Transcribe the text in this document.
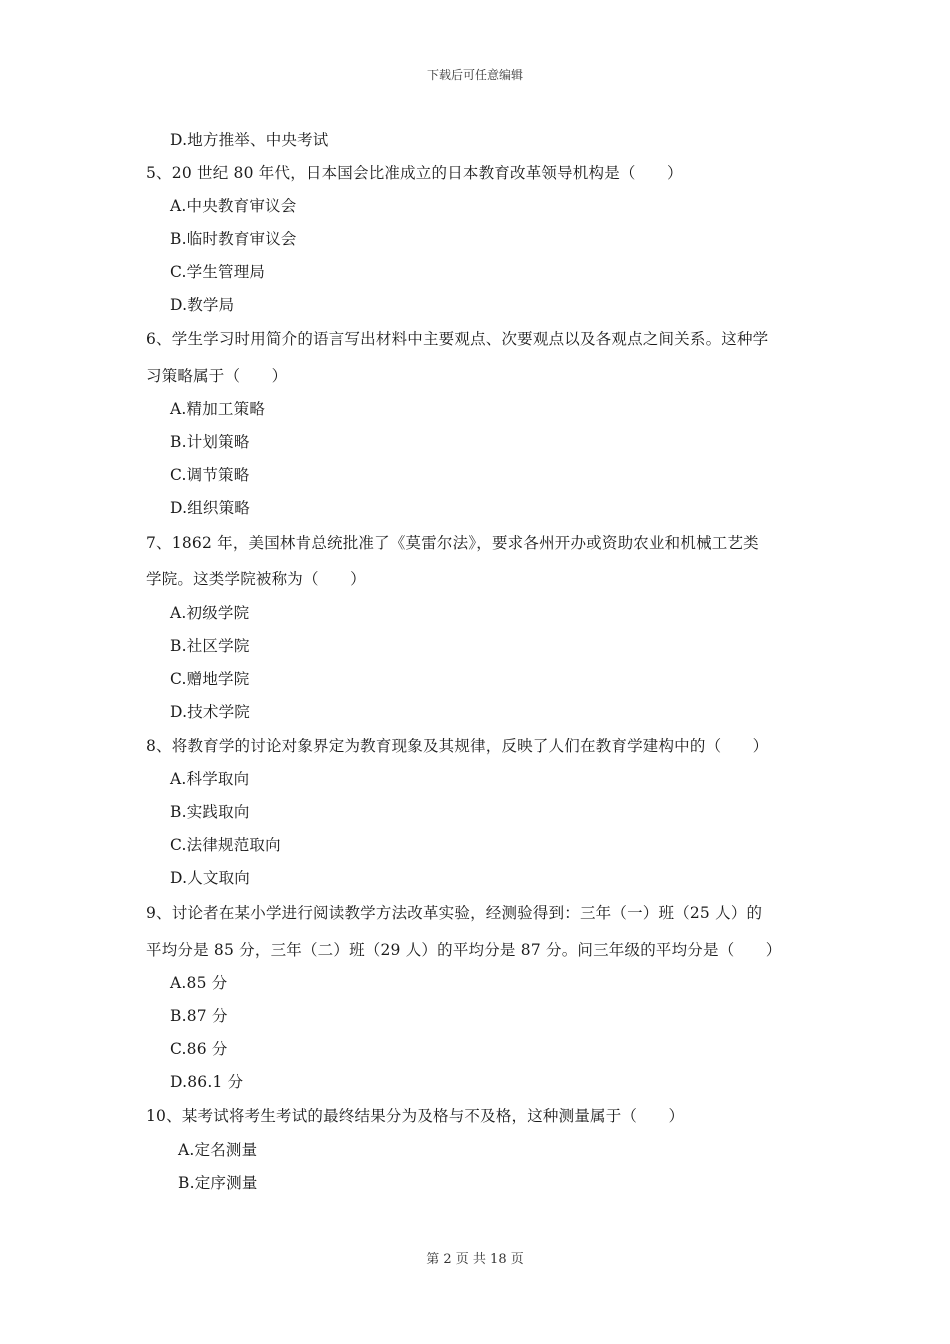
下载后可任意编辑
D.地方推举、中央考试
5、20 世纪 80 年代，日本国会比准成立的日本教育改革领导机构是（　　）
A.中央教育审议会
B.临时教育审议会
C.学生管理局
D.教学局
6、学生学习时用简介的语言写出材料中主要观点、次要观点以及各观点之间关系。这种学
习策略属于（　　）
A.精加工策略
B.计划策略
C.调节策略
D.组织策略
7、1862 年，美国林肯总统批准了《莫雷尔法》，要求各州开办或资助农业和机械工艺类
学院。这类学院被称为（　　）
A.初级学院
B.社区学院
C.赠地学院
D.技术学院
8、将教育学的讨论对象界定为教育现象及其规律，反映了人们在教育学建构中的（　　）
A.科学取向
B.实践取向
C.法律规范取向
D.人文取向
9、讨论者在某小学进行阅读教学方法改革实验，经测验得到：三年（一）班（25 人）的
平均分是 85 分，三年（二）班（29 人）的平均分是 87 分。问三年级的平均分是（　　）
A.85 分
B.87 分
C.86 分
D.86.1 分
10、某考试将考生考试的最终结果分为及格与不及格，这种测量属于（　　）
A.定名测量
B.定序测量
第 2 页 共 18 页
